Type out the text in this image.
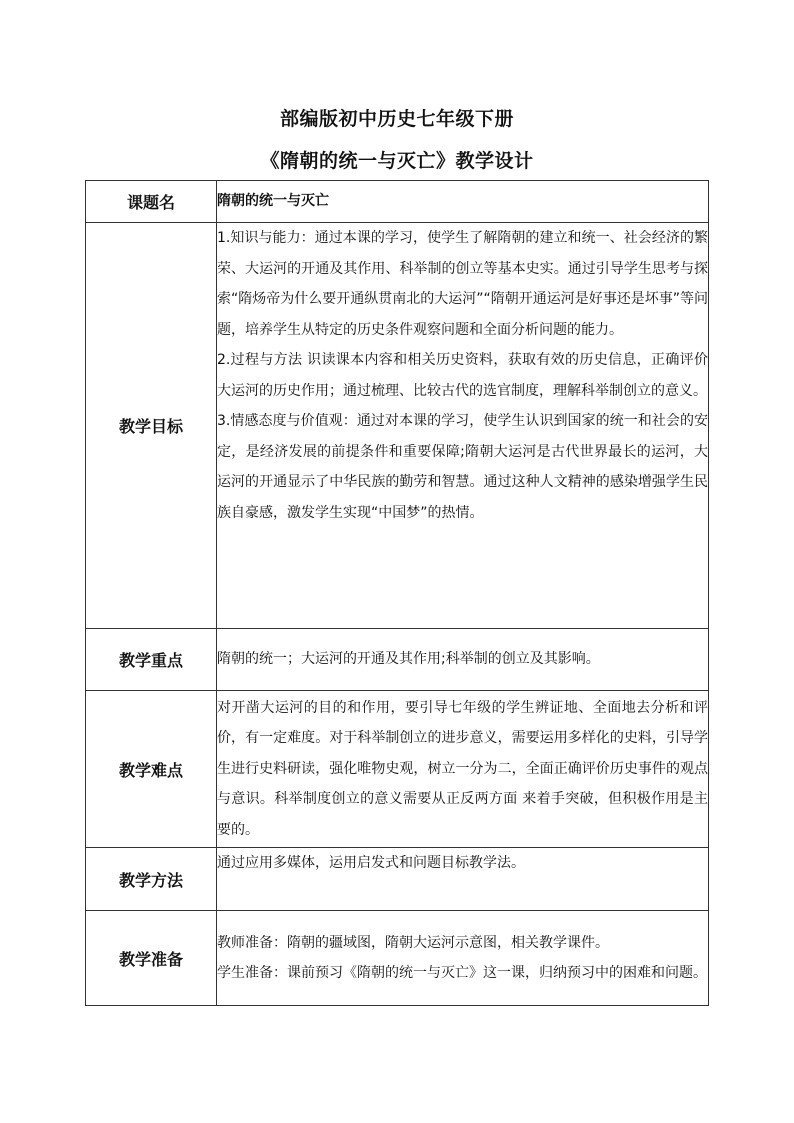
部编版初中历史七年级下册
《隋朝的统一与灭亡》教学设计
课题名	隋朝的统一与灭亡
教学目标	1.知识与能力：通过本课的学习，使学生了解隋朝的建立和统一、社会经济的繁荣、大运河的开通及其作用、科举制的创立等基本史实。通过引导学生思考与探索“隋炀帝为什么要开通纵贯南北的大运河”“隋朝开通运河是好事还是坏事”等问题，培养学生从特定的历史条件观察问题和全面分析问题的能力。

2.过程与方法 识读课本内容和相关历史资料，获取有效的历史信息，正确评价大运河的历史作用；通过梳理、比较古代的选官制度，理解科举制创立的意义。

3.情感态度与价值观：通过对本课的学习，使学生认识到国家的统一和社会的安定，是经济发展的前提条件和重要保障;隋朝大运河是古代世界最长的运河，大运河的开通显示了中华民族的勤劳和智慧。通过这种人文精神的感染增强学生民族自豪感，激发学生实现“中国梦”的热情。

教学重点	隋朝的统一；大运河的开通及其作用;科举制的创立及其影响。

教学难点	对开凿大运河的目的和作用，要引导七年级的学生辨证地、全面地去分析和评价，有一定难度。对于科举制创立的进步意义，需要运用多样化的史料，引导学生进行史料研读，强化唯物史观，树立一分为二，全面正确评价历史事件的观点与意识。科举制度创立的意义需要从正反两方面 来着手突破，但积极作用是主要的。

教学方法	通过应用多媒体，运用启发式和问题目标教学法。

教学准备	教师准备：隋朝的疆域图，隋朝大运河示意图，相关教学课件。

学生准备：课前预习《隋朝的统一与灭亡》这一课，归纳预习中的困难和问题。
